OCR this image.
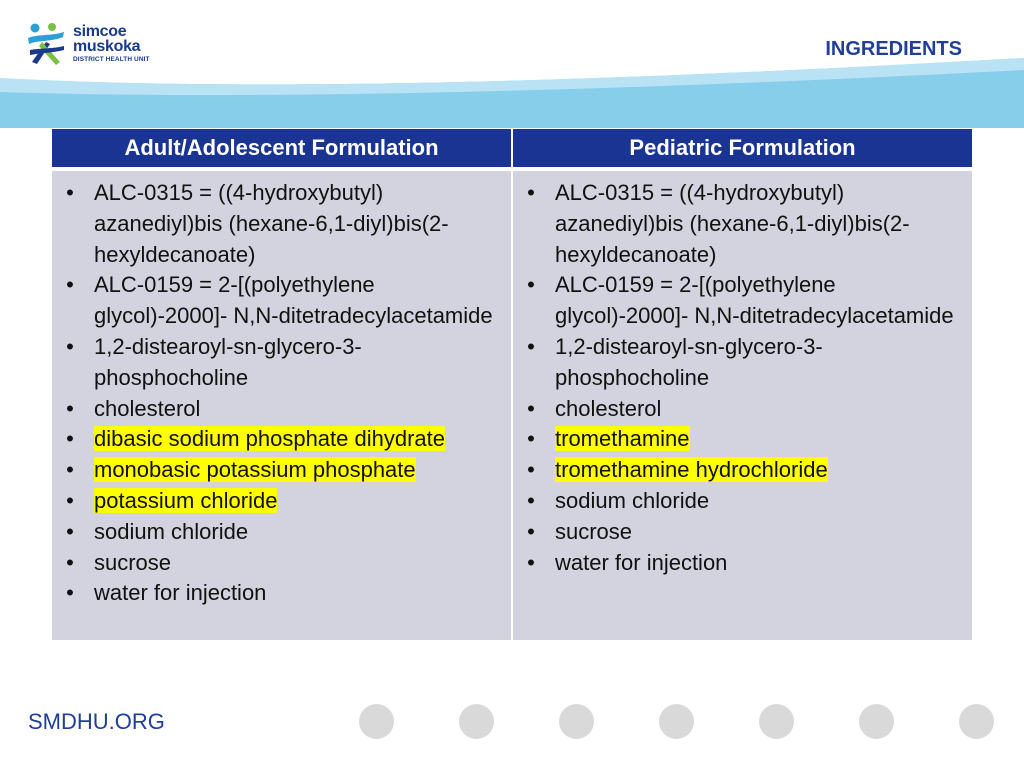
simcoe
muskoka
DISTRICT HEALTH UNIT	INGREDIENTS
Adult/Adolescent Formulation	Pediatric Formulation
• ALC-0315 = ((4-hydroxybutyl) azanediyl)bis (hexane-6,1-diyl)bis(2-hexyldecanoate)
• ALC-0159 = 2-[(polyethylene glycol)-2000]- N,N-ditetradecylacetamide
• 1,2-distearoyl-sn-glycero-3-phosphocholine
• cholesterol
• dibasic sodium phosphate dihydrate
• monobasic potassium phosphate
• potassium chloride
• sodium chloride
• sucrose
• water for injection
• ALC-0315 = ((4-hydroxybutyl) azanediyl)bis (hexane-6,1-diyl)bis(2-hexyldecanoate)
• ALC-0159 = 2-[(polyethylene glycol)-2000]- N,N-ditetradecylacetamide
• 1,2-distearoyl-sn-glycero-3-phosphocholine
• cholesterol
• tromethamine
• tromethamine hydrochloride
• sodium chloride
• sucrose
• water for injection
SMDHU.ORG
